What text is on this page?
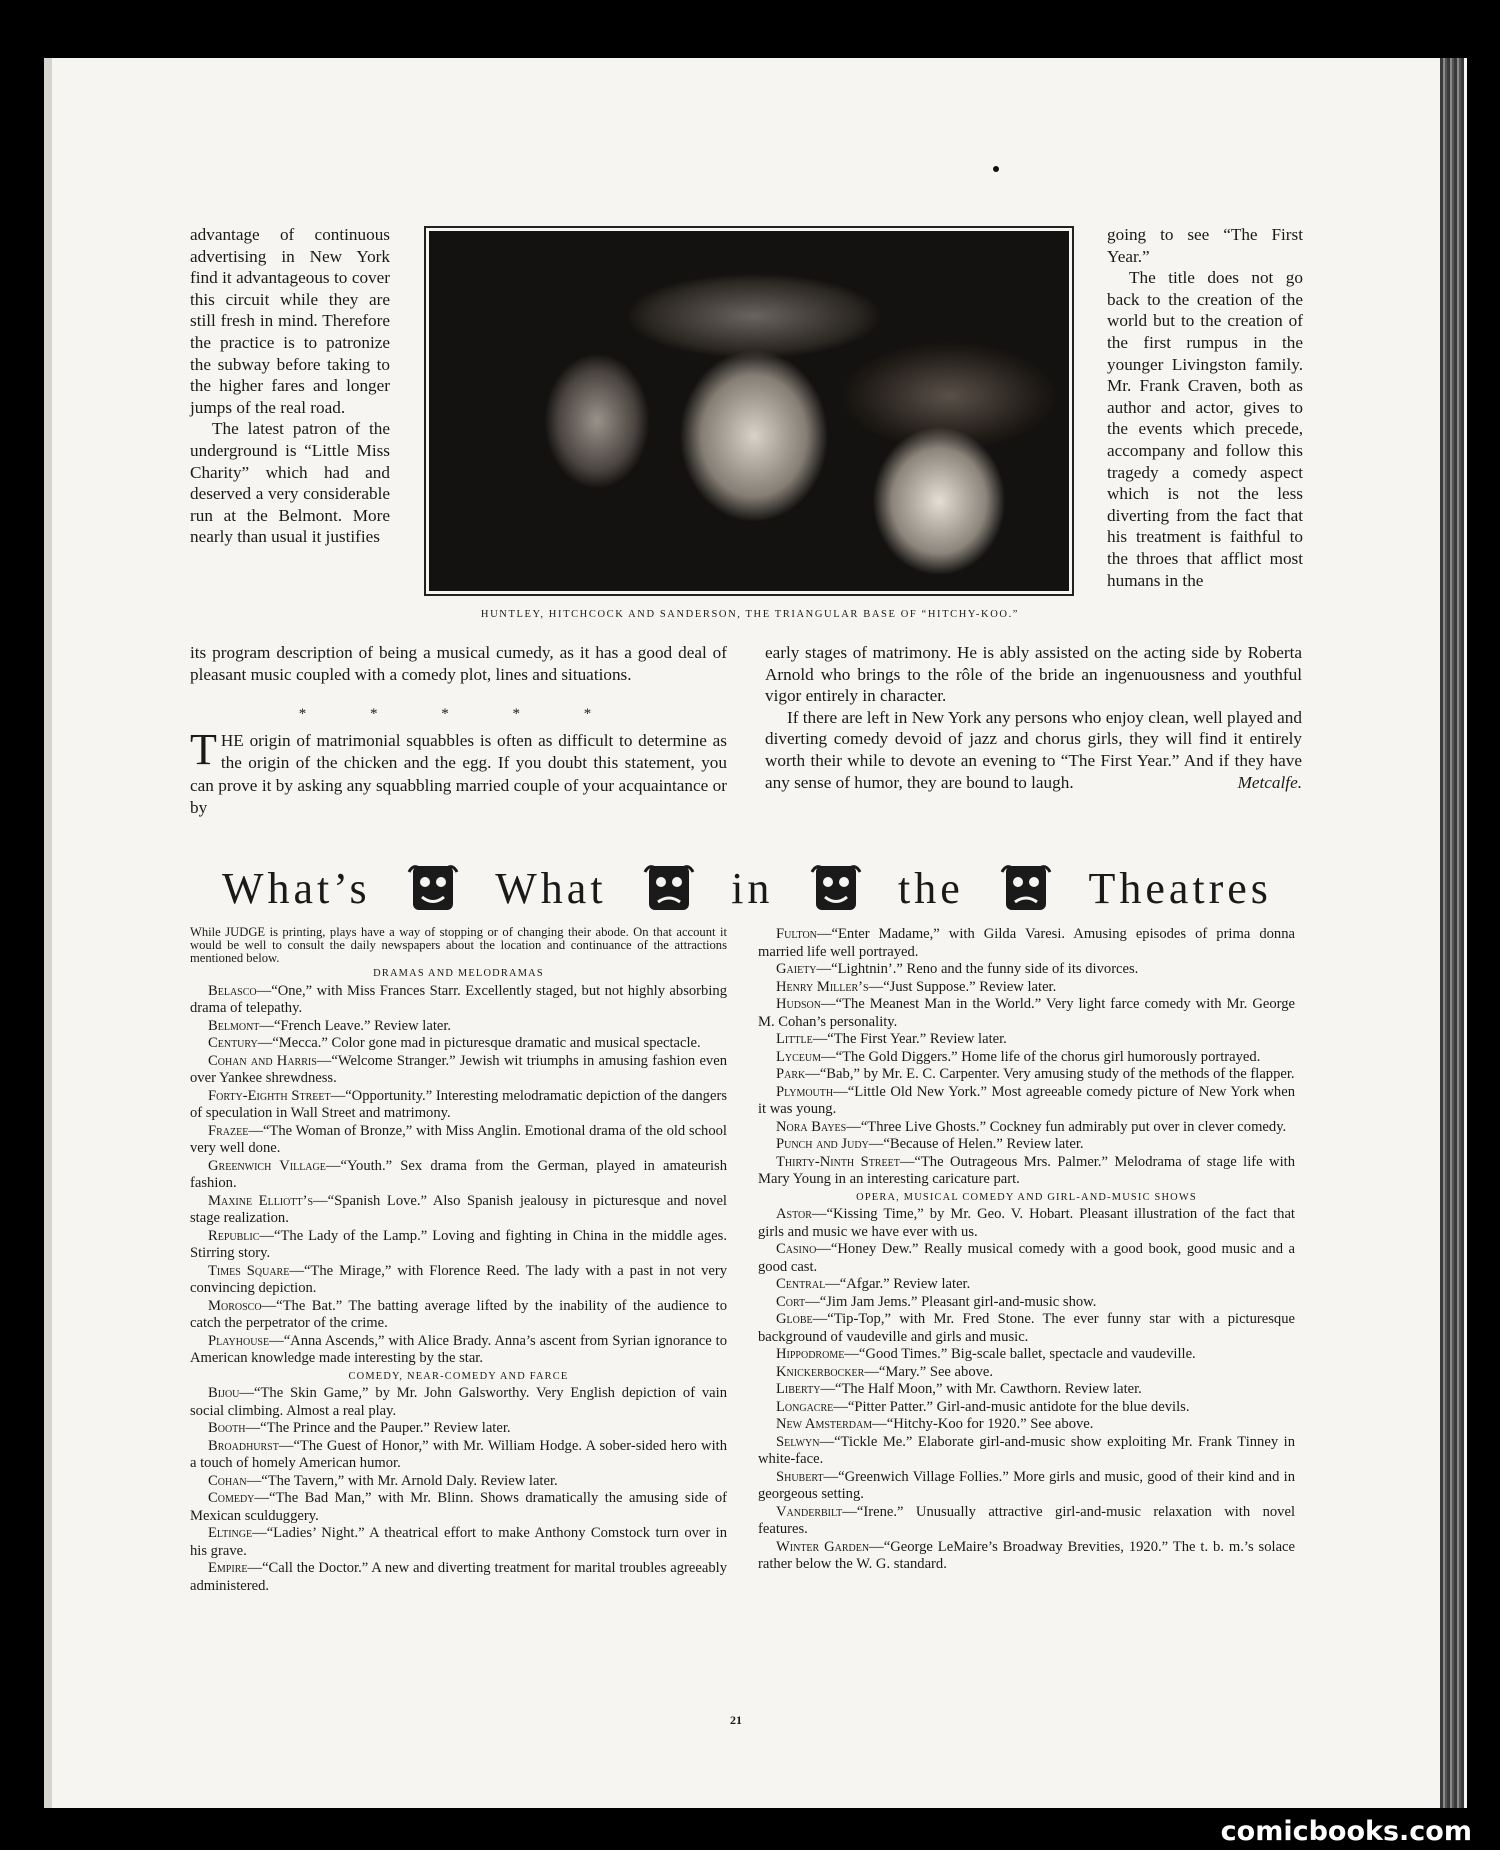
advantage of continuous advertising in New York find it advantageous to cover this circuit while they are still fresh in mind. Therefore the practice is to patronize the subway before taking to the higher fares and longer jumps of the real road.

The latest patron of the underground is “Little Miss Charity” which had and deserved a very considerable run at the Belmont. More nearly than usual it justifies

HUNTLEY, HITCHCOCK AND SANDERSON, THE TRIANGULAR BASE OF “HITCHY-KOO.”

going to see “The First Year.”

The title does not go back to the creation of the world but to the creation of the first rumpus in the younger Livingston family. Mr. Frank Craven, both as author and actor, gives to the events which precede, accompany and follow this tragedy a comedy aspect which is not the less diverting from the fact that his treatment is faithful to the throes that afflict most humans in the

its program description of being a musical cumedy, as it has a good deal of pleasant music coupled with a comedy plot, lines and situations.

* * * * *
THE origin of matrimonial squabbles is often as difficult to determine as the origin of the chicken and the egg. If you doubt this statement, you can prove it by asking any squabbling married couple of your acquaintance or by

early stages of matrimony. He is ably assisted on the acting side by Roberta Arnold who brings to the rôle of the bride an ingenuousness and youthful vigor entirely in character.

If there are left in New York any persons who enjoy clean, well played and diverting comedy devoid of jazz and chorus girls, they will find it entirely worth their while to devote an evening to “The First Year.” And if they have any sense of humor, they are bound to laugh.	Metcalfe.

What’s	What	in	the	Theatres

While JUDGE is printing, plays have a way of stopping or of changing their abode. On that account it would be well to consult the daily newspapers about the location and continuance of the attractions mentioned below.

DRAMAS AND MELODRAMAS

Belasco—“One,” with Miss Frances Starr. Excellently staged, but not highly absorbing drama of telepathy.

Belmont—“French Leave.” Review later.

Century—“Mecca.” Color gone mad in picturesque dramatic and musical spectacle.

Cohan and Harris—“Welcome Stranger.” Jewish wit triumphs in amusing fashion even over Yankee shrewdness.

Forty-Eighth Street—“Opportunity.” Interesting melodramatic depiction of the dangers of speculation in Wall Street and matrimony.

Frazee—“The Woman of Bronze,” with Miss Anglin. Emotional drama of the old school very well done.

Greenwich Village—“Youth.” Sex drama from the German, played in amateurish fashion.

Maxine Elliott’s—“Spanish Love.” Also Spanish jealousy in picturesque and novel stage realization.

Republic—“The Lady of the Lamp.” Loving and fighting in China in the middle ages. Stirring story.

Times Square—“The Mirage,” with Florence Reed. The lady with a past in not very convincing depiction.

Morosco—“The Bat.” The batting average lifted by the inability of the audience to catch the perpetrator of the crime.

Playhouse—“Anna Ascends,” with Alice Brady. Anna’s ascent from Syrian ignorance to American knowledge made interesting by the star.

COMEDY, NEAR-COMEDY AND FARCE

Bijou—“The Skin Game,” by Mr. John Galsworthy. Very English depiction of vain social climbing. Almost a real play.

Booth—“The Prince and the Pauper.” Review later.

Broadhurst—“The Guest of Honor,” with Mr. William Hodge. A sober-sided hero with a touch of homely American humor.

Cohan—“The Tavern,” with Mr. Arnold Daly. Review later.

Comedy—“The Bad Man,” with Mr. Blinn. Shows dramatically the amusing side of Mexican sculduggery.

Eltinge—“Ladies’ Night.” A theatrical effort to make Anthony Comstock turn over in his grave.

Empire—“Call the Doctor.” A new and diverting treatment for marital troubles agreeably administered.

Fulton—“Enter Madame,” with Gilda Varesi. Amusing episodes of prima donna married life well portrayed.

Gaiety—“Lightnin’.” Reno and the funny side of its divorces.

Henry Miller’s—“Just Suppose.” Review later.

Hudson—“The Meanest Man in the World.” Very light farce comedy with Mr. George M. Cohan’s personality.

Little—“The First Year.” Review later.

Lyceum—“The Gold Diggers.” Home life of the chorus girl humorously portrayed.

Park—“Bab,” by Mr. E. C. Carpenter. Very amusing study of the methods of the flapper.

Plymouth—“Little Old New York.” Most agreeable comedy picture of New York when it was young.

Nora Bayes—“Three Live Ghosts.” Cockney fun admirably put over in clever comedy.

Punch and Judy—“Because of Helen.” Review later.

Thirty-Ninth Street—“The Outrageous Mrs. Palmer.” Melodrama of stage life with Mary Young in an interesting caricature part.

OPERA, MUSICAL COMEDY AND GIRL-AND-MUSIC SHOWS

Astor—“Kissing Time,” by Mr. Geo. V. Hobart. Pleasant illustration of the fact that girls and music we have ever with us.

Casino—“Honey Dew.” Really musical comedy with a good book, good music and a good cast.

Central—“Afgar.” Review later.

Cort—“Jim Jam Jems.” Pleasant girl-and-music show.

Globe—“Tip-Top,” with Mr. Fred Stone. The ever funny star with a picturesque background of vaudeville and girls and music.

Hippodrome—“Good Times.” Big-scale ballet, spectacle and vaudeville.

Knickerbocker—“Mary.” See above.

Liberty—“The Half Moon,” with Mr. Cawthorn. Review later.

Longacre—“Pitter Patter.” Girl-and-music antidote for the blue devils.

New Amsterdam—“Hitchy-Koo for 1920.” See above.

Selwyn—“Tickle Me.” Elaborate girl-and-music show exploiting Mr. Frank Tinney in white-face.

Shubert—“Greenwich Village Follies.” More girls and music, good of their kind and in georgeous setting.

Vanderbilt—“Irene.” Unusually attractive girl-and-music relaxation with novel features.

Winter Garden—“George LeMaire’s Broadway Brevities, 1920.” The t. b. m.’s solace rather below the W. G. standard.

21
comicbooks.com
